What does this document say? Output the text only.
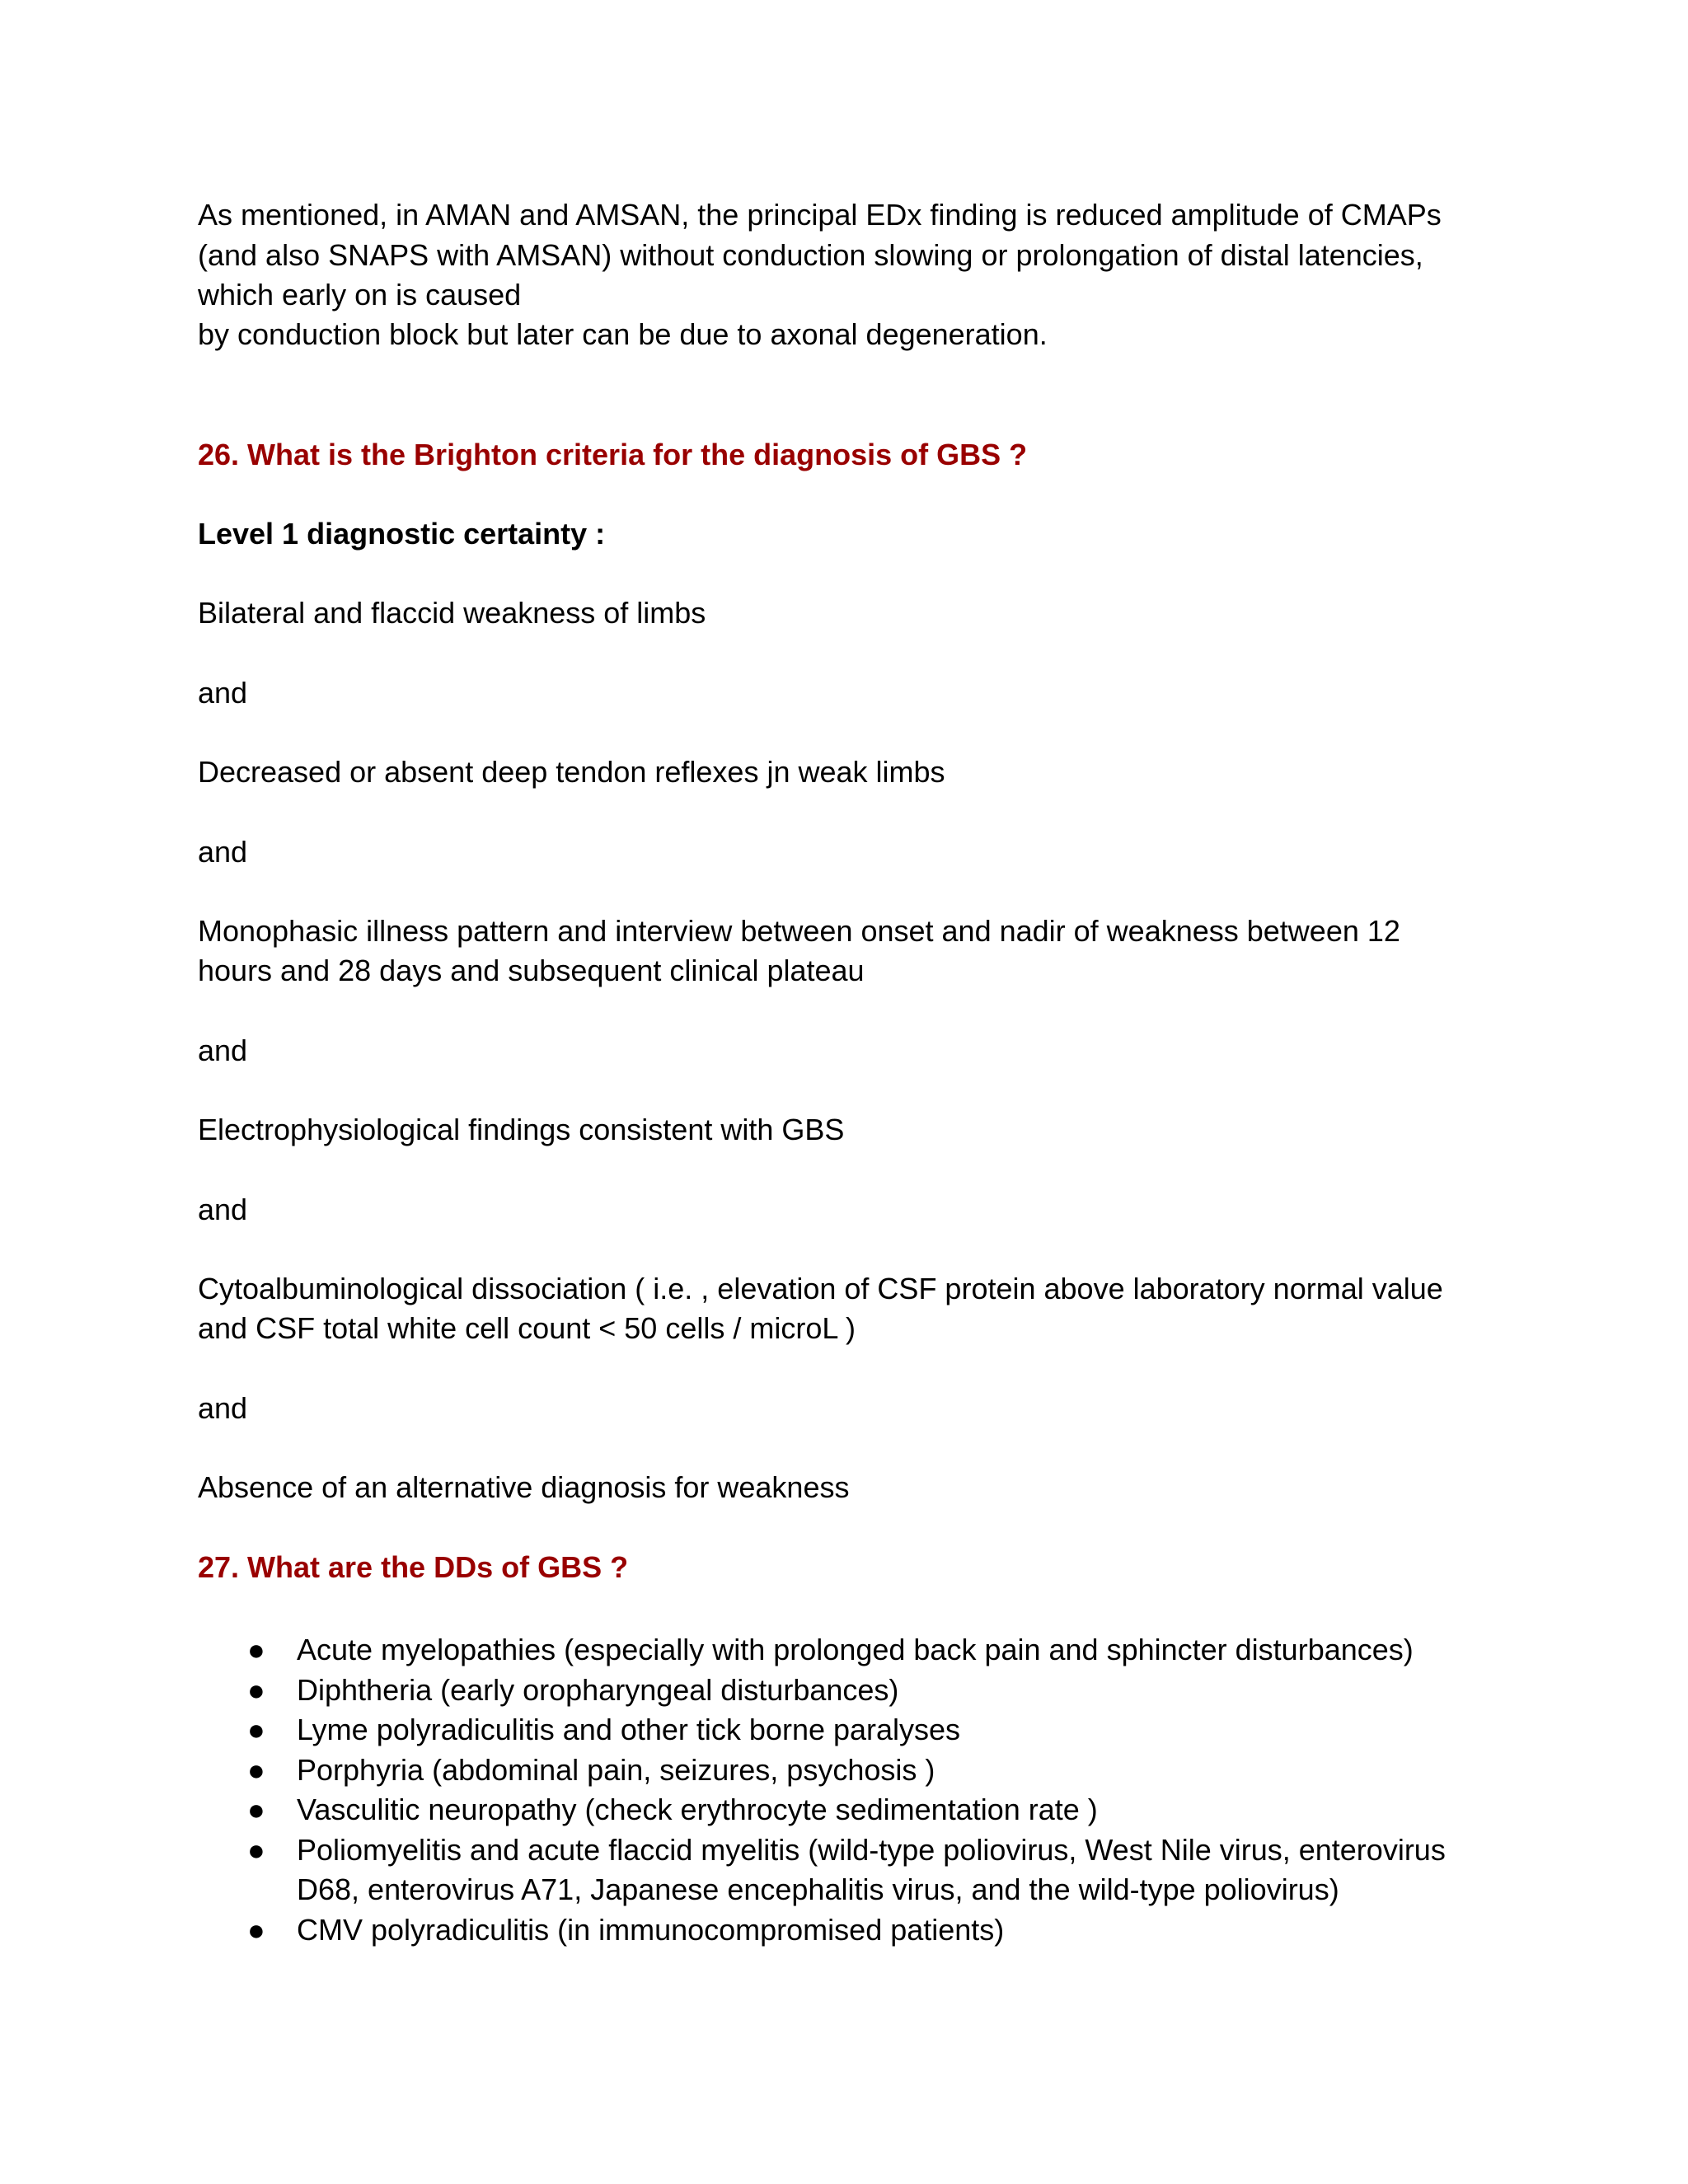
As mentioned, in AMAN and AMSAN, the principal EDx finding is reduced amplitude of CMAPs
(and also SNAPS with AMSAN) without conduction slowing or prolongation of distal latencies,
which early on is caused
by conduction block but later can be due to axonal degeneration.
26. What is the Brighton criteria for the diagnosis of GBS ?
Level 1 diagnostic certainty :
Bilateral and flaccid weakness of limbs
and
Decreased or absent deep tendon reflexes jn weak limbs
and
Monophasic illness pattern and interview between onset and nadir of weakness between 12
hours and 28 days and subsequent clinical plateau
and
Electrophysiological findings consistent with GBS
and
Cytoalbuminological dissociation ( i.e. , elevation of CSF protein above laboratory normal value
and CSF total white cell count < 50 cells / microL )
and
Absence of an alternative diagnosis for weakness
27. What are the DDs of GBS ?
● Acute myelopathies (especially with prolonged back pain and sphincter disturbances)
● Diphtheria (early oropharyngeal disturbances)
● Lyme polyradiculitis and other tick borne paralyses
● Porphyria (abdominal pain, seizures, psychosis )
● Vasculitic neuropathy (check erythrocyte sedimentation rate )
● Poliomyelitis and acute flaccid myelitis (wild-type poliovirus, West Nile virus, enterovirus
D68, enterovirus A71, Japanese encephalitis virus, and the wild-type poliovirus)
● CMV polyradiculitis (in immunocompromised patients)
